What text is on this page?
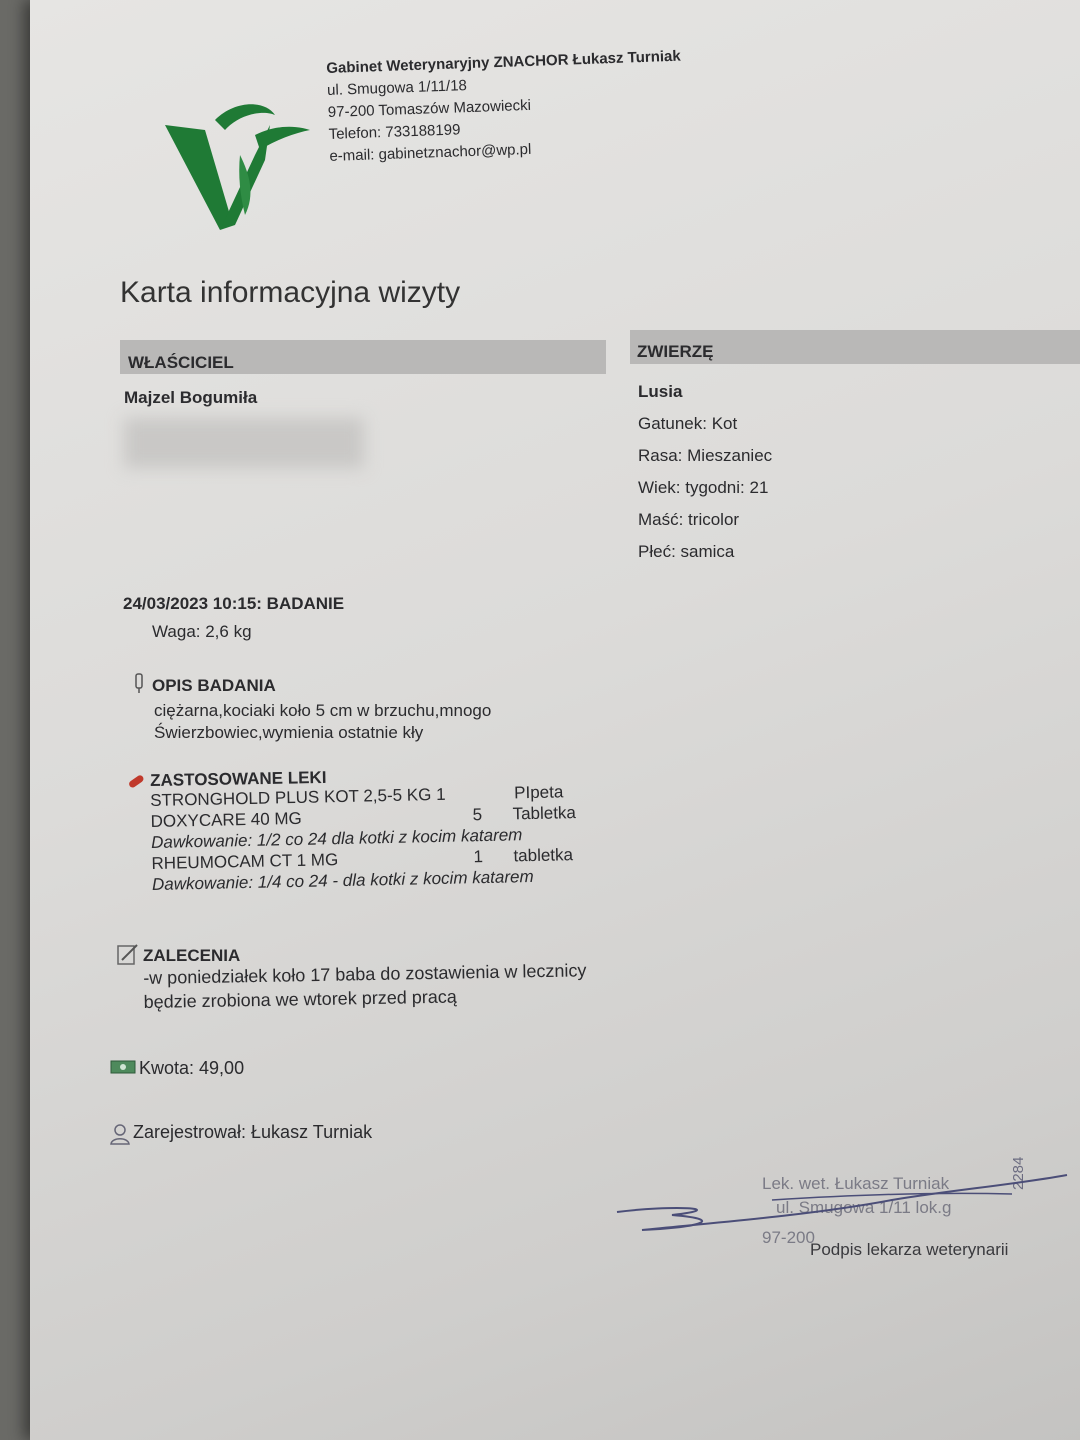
Gabinet Weterynaryjny ZNACHOR Łukasz Turniak
ul. Smugowa 1/11/18
97-200 Tomaszów Mazowiecki
Telefon: 733188199
e-mail: gabinetznachor@wp.pl
Karta informacyjna wizyty
WŁAŚCICIEL
Majzel Bogumiła
ZWIERZĘ
Lusia
Gatunek: Kot
Rasa: Mieszaniec
Wiek: tygodni: 21
Maść: tricolor
Płeć: samica
24/03/2023 10:15: BADANIE
Waga: 2,6 kg
OPIS BADANIA
ciężarna,kociaki koło 5 cm w brzuchu,mnogo
Świerzbowiec,wymienia ostatnie kły
ZASTOSOWANE LEKI
STRONGHOLD PLUS KOT 2,5-5 KG 1	PIpeta
DOXYCARE 40 MG	5 Tabletka
Dawkowanie: 1/2 co 24 dla kotki z kocim katarem
RHEUMOCAM CT 1 MG	1 tabletka
Dawkowanie: 1/4 co 24 - dla kotki z kocim katarem
ZALECENIA
-w poniedziałek koło 17 baba do zostawienia w lecznicy
będzie zrobiona we wtorek przed pracą
Kwota: 49,00
Zarejestrował: Łukasz Turniak
Lek. wet. Łukasz Turniak
ul. Smugowa 1/11 lok.g
97-200
2284
Podpis lekarza weterynarii
